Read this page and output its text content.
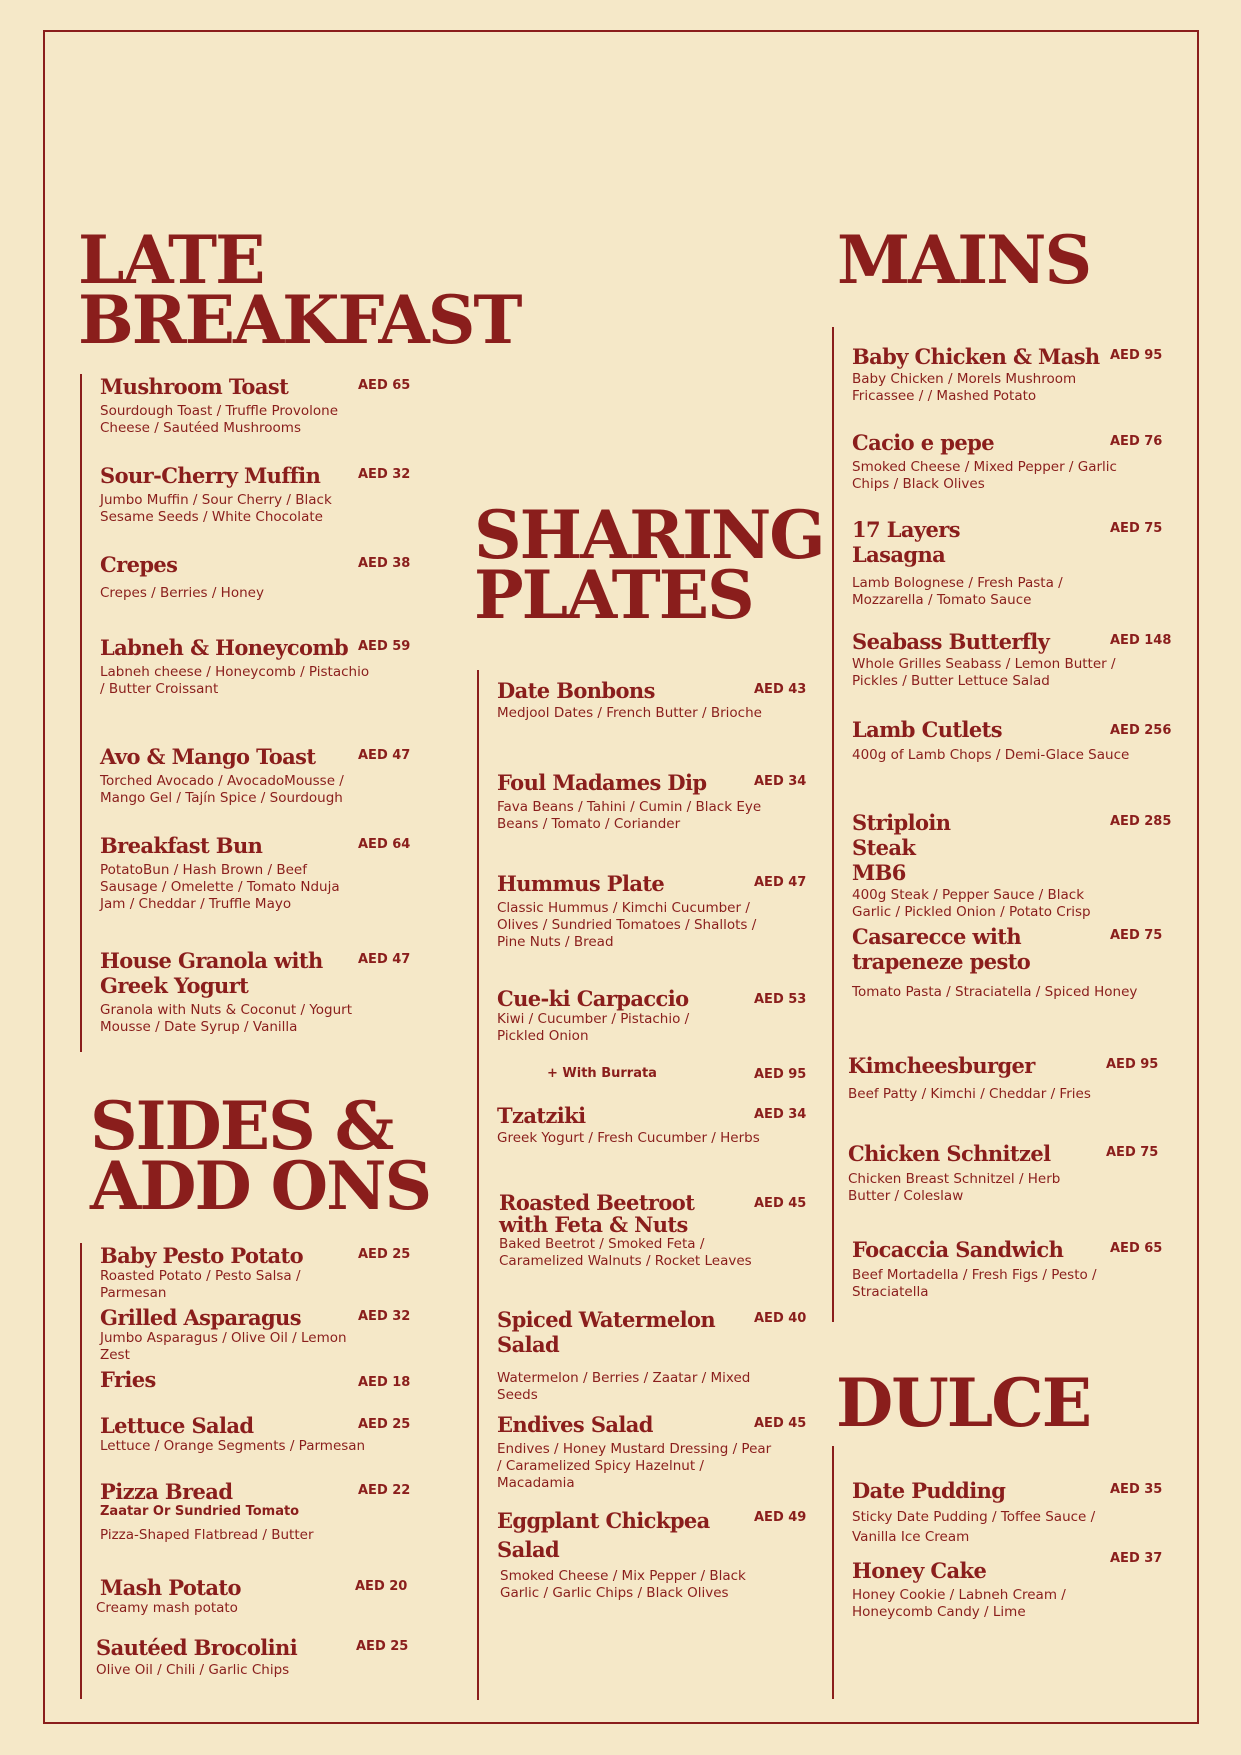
LATE
BREAKFAST
Mushroom Toast	AED 65
Sourdough Toast / Truffle Provolone Cheese / Sautéed Mushrooms
Sour-Cherry Muffin	AED 32
Jumbo Muffin / Sour Cherry / Black Sesame Seeds / White Chocolate
Crepes	AED 38
Crepes / Berries / Honey
Labneh & Honeycomb AED 59
Labneh cheese / Honeycomb / Pistachio / Butter Croissant
Avo & Mango Toast	AED 47
Torched Avocado / AvocadoMousse / Mango Gel / Tajín Spice / Sourdough
Breakfast Bun	AED 64
PotatoBun / Hash Brown / Beef Sausage / Omelette / Tomato Nduja Jam / Cheddar / Truffle Mayo
House Granola with Greek Yogurt
AED 47
Granola with Nuts & Coconut / Yogurt Mousse / Date Syrup / Vanilla
SIDES &
ADD ONS
Baby Pesto Potato	AED 25
Roasted Potato / Pesto Salsa / Parmesan
Grilled Asparagus	AED 32
Jumbo Asparagus / Olive Oil / Lemon Zest
Fries	AED 18
Lettuce Salad	AED 25
Lettuce / Orange Segments / Parmesan
Pizza Bread	AED 22
Zaatar Or Sundried Tomato
Pizza-Shaped Flatbread / Butter
Mash Potato	AED 20
Creamy mash potato
Sautéed Brocolini	AED 25
Olive Oil / Chili / Garlic Chips
SHARING
PLATES
Date Bonbons	AED 43
Medjool Dates / French Butter / Brioche
Foul Madames Dip	AED 34
Fava Beans / Tahini / Cumin / Black Eye Beans / Tomato / Coriander
Hummus Plate	AED 47
Classic Hummus / Kimchi Cucumber / Olives / Sundried Tomatoes / Shallots / Pine Nuts / Bread
Cue-ki Carpaccio	AED 53
Kiwi / Cucumber / Pistachio / Pickled Onion
+ With Burrata	AED 95
Tzatziki	AED 34
Greek Yogurt / Fresh Cucumber / Herbs
Roasted Beetroot with Feta & Nuts
AED 45
Baked Beetrot / Smoked Feta / Caramelized Walnuts / Rocket Leaves
Spiced Watermelon Salad
AED 40
Watermelon / Berries / Zaatar / Mixed Seeds
Endives Salad	AED 45
Endives / Honey Mustard Dressing / Pear / Caramelized Spicy Hazelnut / Macadamia
Eggplant Chickpea Salad
AED 49
Smoked Cheese / Mix Pepper / Black Garlic / Garlic Chips / Black Olives
MAINS
Baby Chicken & Mash AED 95
Baby Chicken / Morels Mushroom Fricassee / / Mashed Potato
Cacio e pepe	AED 76
Smoked Cheese / Mixed Pepper / Garlic Chips / Black Olives
17 Layers Lasagna
AED 75
Lamb Bolognese / Fresh Pasta / Mozzarella / Tomato Sauce
Seabass Butterfly	AED 148
Whole Grilles Seabass / Lemon Butter / Pickles / Butter Lettuce Salad
Lamb Cutlets	AED 256
400g of Lamb Chops / Demi-Glace Sauce
Striploin Steak MB6
AED 285
400g Steak / Pepper Sauce / Black Garlic / Pickled Onion / Potato Crisp
Casarecce with trapeneze pesto
AED 75
Tomato Pasta / Straciatella / Spiced Honey
Kimcheesburger	AED 95
Beef Patty / Kimchi / Cheddar / Fries
Chicken Schnitzel	AED 75
Chicken Breast Schnitzel / Herb Butter / Coleslaw
Focaccia Sandwich	AED 65
Beef Mortadella / Fresh Figs / Pesto / Straciatella
DULCE
Date Pudding	AED 35
Sticky Date Pudding / Toffee Sauce / Vanilla Ice Cream
Honey Cake	AED 37
Honey Cookie / Labneh Cream / Honeycomb Candy / Lime
